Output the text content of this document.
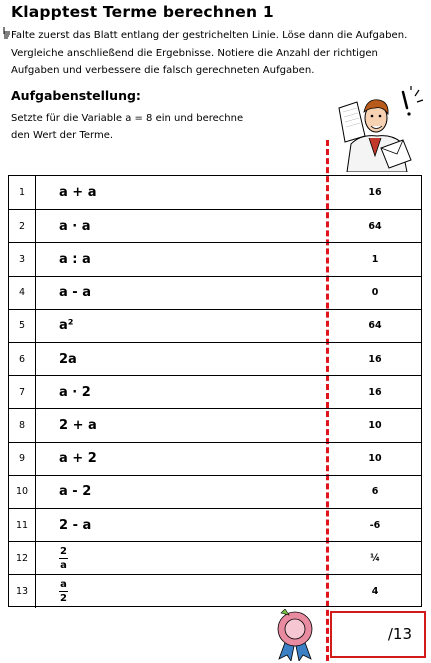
Klapptest Terme berechnen 1
Falte zuerst das Blatt entlang der gestrichelten Linie. Löse dann die Aufgaben.
Vergleiche anschließend die Ergebnisse. Notiere die Anzahl der richtigen
Aufgaben und verbessere die falsch gerechneten Aufgaben.
Aufgabenstellung:
Setzte für die Variable a = 8 ein und berechne
den Wert der Terme.
1	a + a	16
2	a · a	64
3	a : a	1
4	a - a	0
5	a²	64
6	2a	16
7	a · 2	16
8	2 + a	10
9	a + 2	10
10	a - 2	6
11	2 - a	-6
12	$\frac{2}{a}$	¼
13	$\frac{a}{2}$	4
/13
